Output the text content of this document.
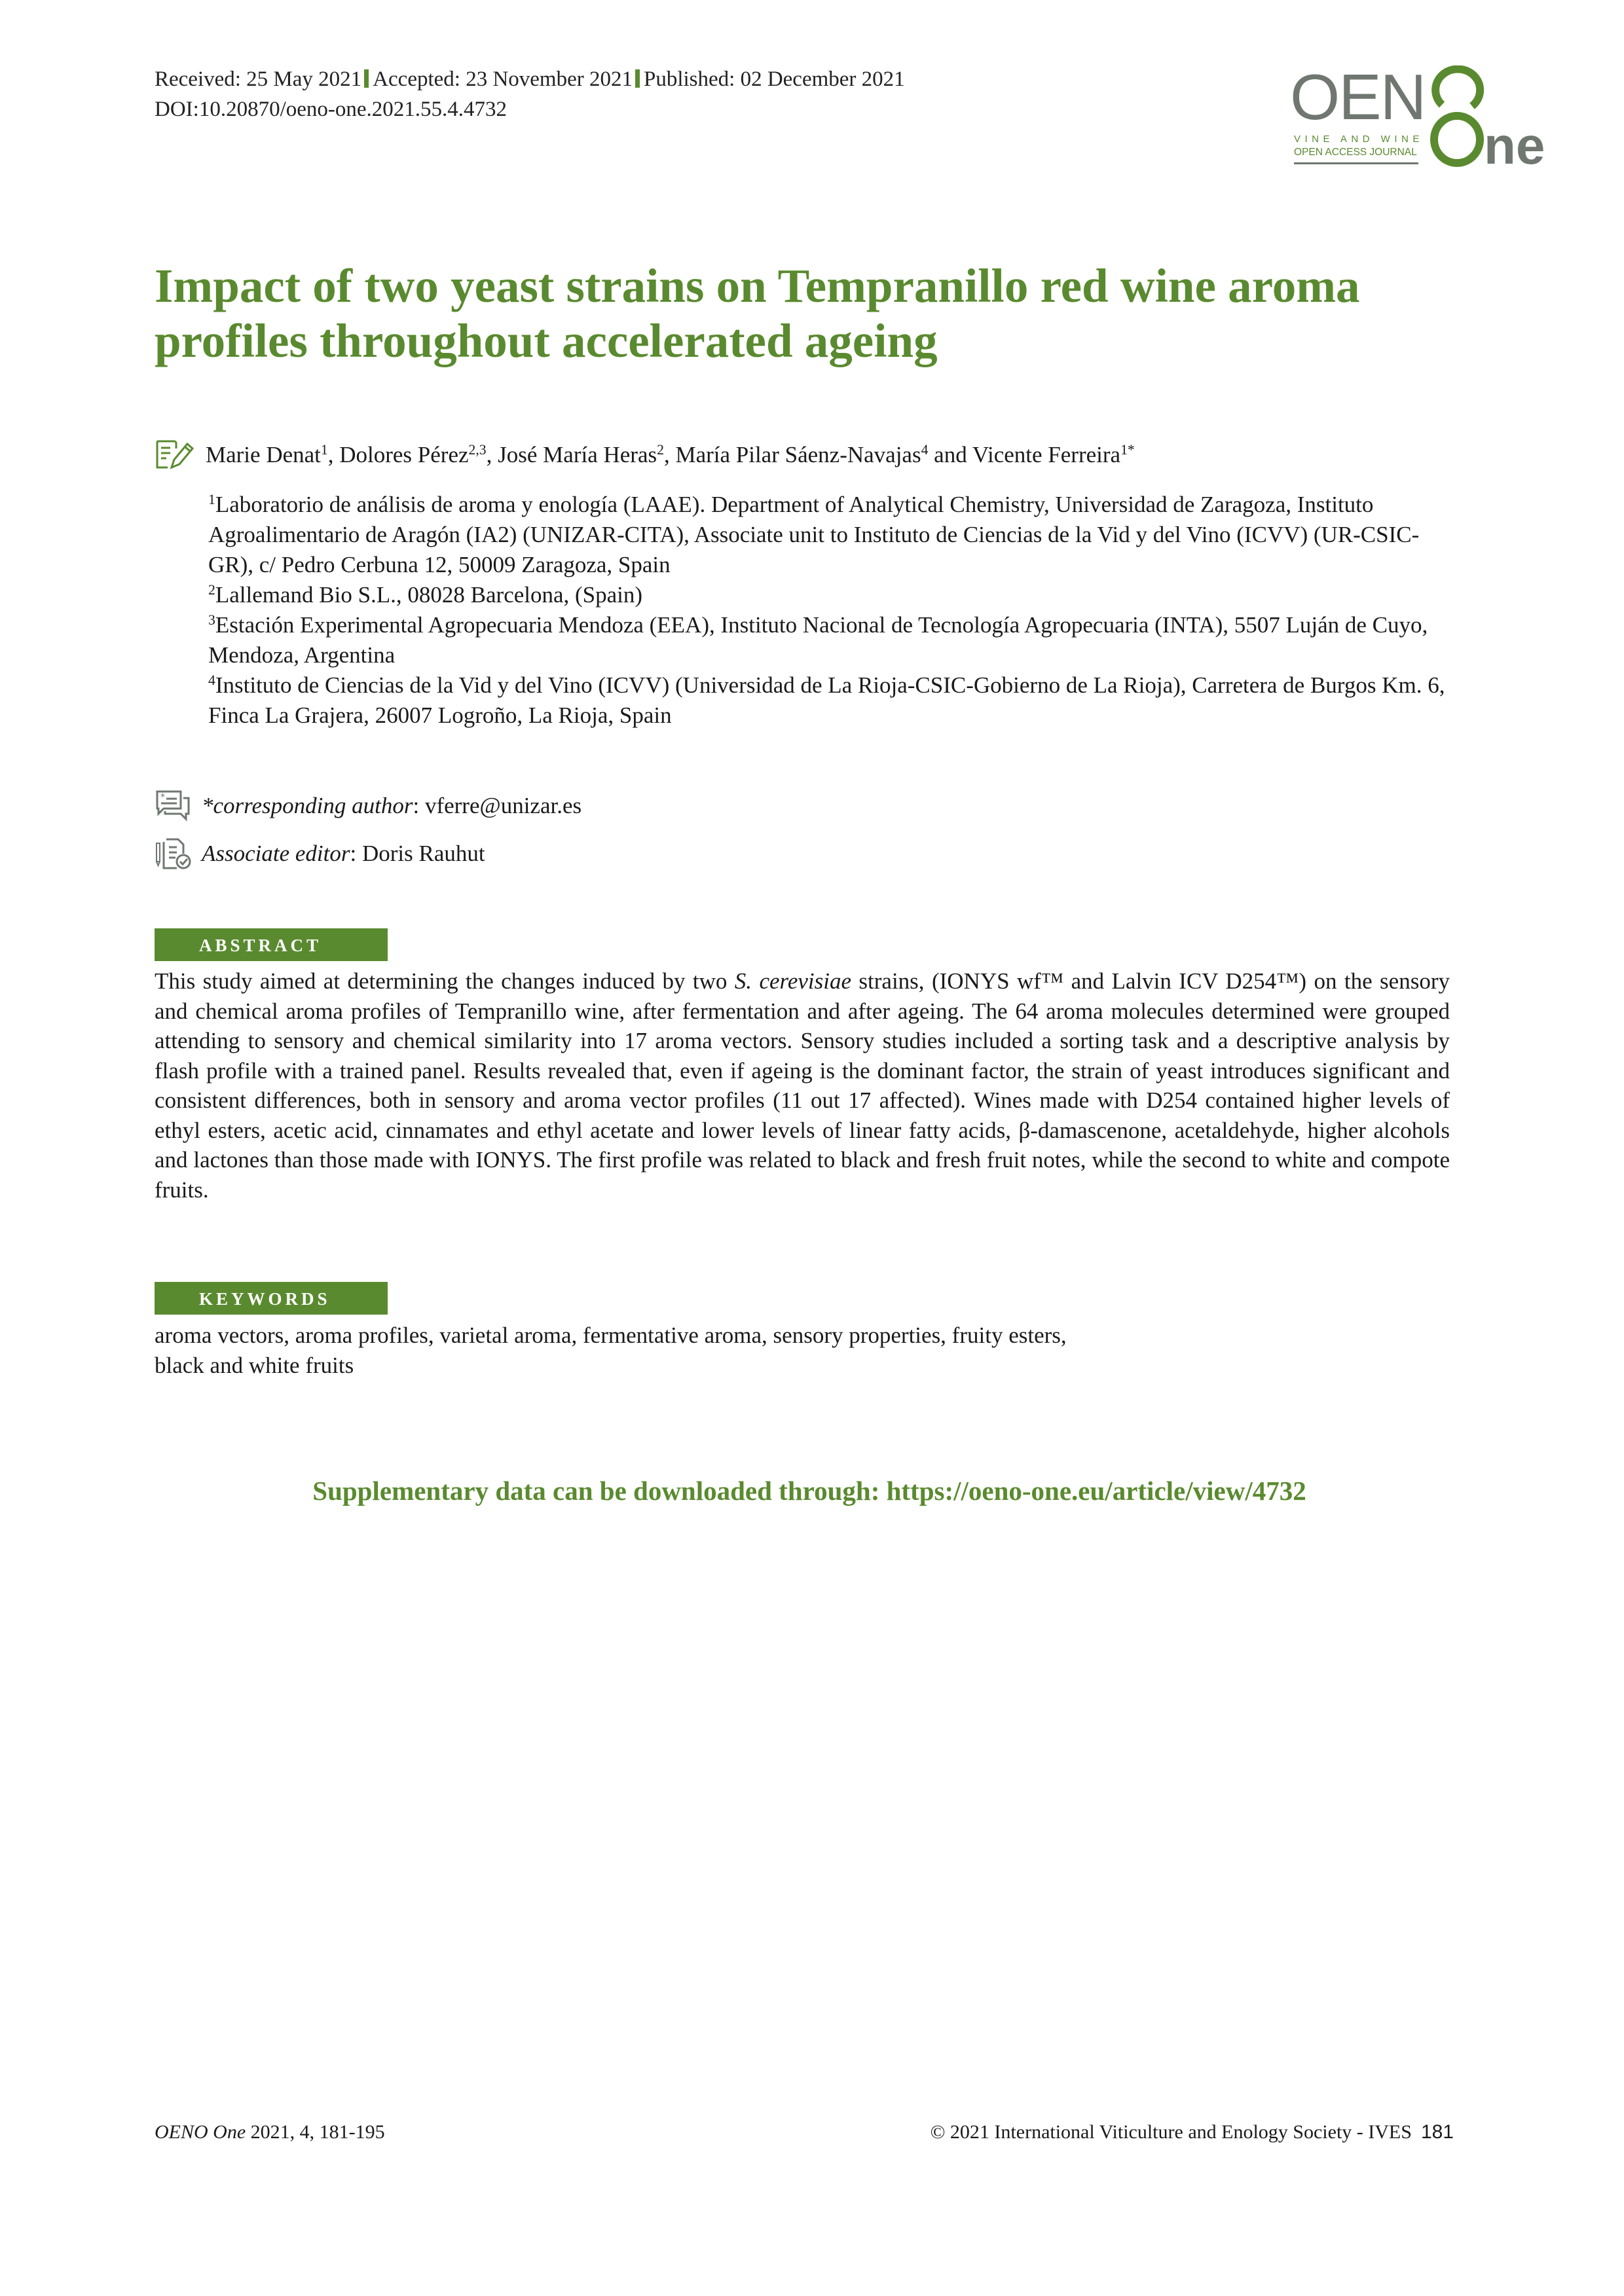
Received: 25 May 2021 Accepted: 23 November 2021 Published: 02 December 2021
DOI:10.20870/oeno-one.2021.55.4.4732	OEN
VINE AND WINE
OPEN ACCESS JOURNAL ne
Impact of two yeast strains on Tempranillo red wine aroma profiles throughout accelerated ageing
Marie Denat$^1$, Dolores Pérez$^{2,3}$, José María Heras$^2$, María Pilar Sáenz-Navajas$^4$ and Vicente Ferreira$^{1*}$

$^1$Laboratorio de análisis de aroma y enología (LAAE). Department of Analytical Chemistry, Universidad de Zaragoza, Instituto Agroalimentario de Aragón (IA2) (UNIZAR-CITA), Associate unit to Instituto de Ciencias de la Vid y del Vino (ICVV) (UR-CSIC-GR), c/ Pedro Cerbuna 12, 50009 Zaragoza, Spain

$^2$Lallemand Bio S.L., 08028 Barcelona, (Spain)

$^3$Estación Experimental Agropecuaria Mendoza (EEA), Instituto Nacional de Tecnología Agropecuaria (INTA), 5507 Luján de Cuyo, Mendoza, Argentina

$^4$Instituto de Ciencias de la Vid y del Vino (ICVV) (Universidad de La Rioja-CSIC-Gobierno de La Rioja), Carretera de Burgos Km. 6, Finca La Grajera, 26007 Logroño, La Rioja, Spain

* *corresponding author : vferre@unizar.es
Associate editor : Doris Rauhut
ABSTRACT

This study aimed at determining the changes induced by two S. cerevisiae strains, (IONYS wf™ and Lalvin ICV D254™) on the sensory and chemical aroma profiles of Tempranillo wine, after fermentation and after ageing. The 64 aroma molecules determined were grouped attending to sensory and chemical similarity into 17 aroma vectors. Sensory studies included a sorting task and a descriptive analysis by flash profile with a trained panel. Results revealed that, even if ageing is the dominant factor, the strain of yeast introduces significant and consistent differences, both in sensory and aroma vector profiles (11 out 17 affected). Wines made with D254 contained higher levels of ethyl esters, acetic acid, cinnamates and ethyl acetate and lower levels of linear fatty acids, β-damascenone, acetaldehyde, higher alcohols and lactones than those made with IONYS. The first profile was related to black and fresh fruit notes, while the second to white and compote fruits.

KEYWORDS

aroma vectors, aroma profiles, varietal aroma, fermentative aroma, sensory properties, fruity esters,
black and white fruits

Supplementary data can be downloaded through: https://oeno-one.eu/article/view/4732
OENO One 2021, 4, 181-195	© 2021 International Viticulture and Enology Society - IVES 181
